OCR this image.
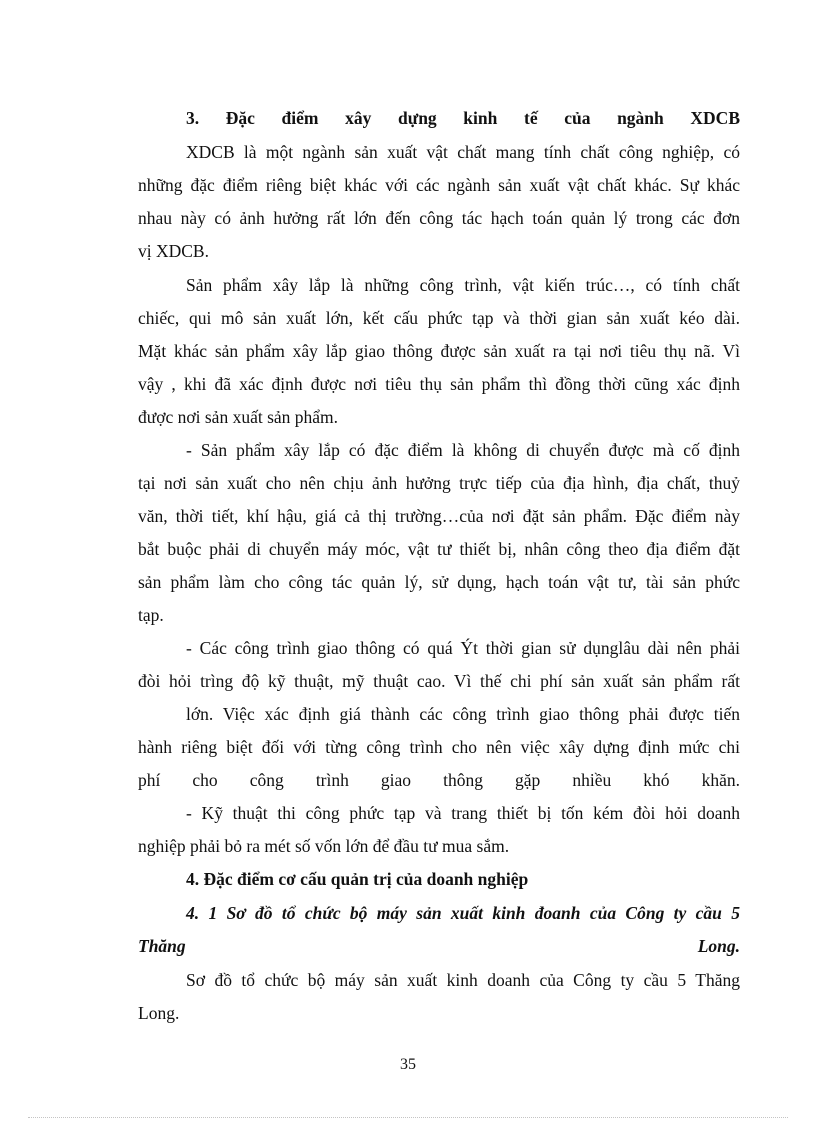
3. Đặc điểm xây dựng kinh tế của ngành XDCB
XDCB là một ngành sản xuất vật chất mang tính chất công nghiệp, có
những đặc điểm riêng biệt khác với các ngành sản xuất vật chất khác. Sự khác
nhau này có ảnh hưởng rất lớn đến công tác hạch toán quản lý trong các đơn
vị XDCB.
Sản phẩm xây lắp là những công trình, vật kiến trúc…, có tính chất
chiếc, qui mô sản xuất lớn, kết cấu phức tạp và thời gian sản xuất kéo dài.
Mặt khác sản phẩm xây lắp giao thông được sản xuất ra tại nơi tiêu thụ nã. Vì
vậy , khi đã xác định được nơi tiêu thụ sản phẩm thì đồng thời cũng xác định
được nơi sản xuất sản phẩm.
- Sản phẩm xây lắp có đặc điểm là không di chuyển được mà cố định
tại nơi sản xuất cho nên chịu ảnh hưởng trực tiếp của địa hình, địa chất, thuỷ
văn, thời tiết, khí hậu, giá cả thị trường…của nơi đặt sản phẩm. Đặc điểm này
bắt buộc phải di chuyển máy móc, vật tư thiết bị, nhân công theo địa điểm đặt
sản phẩm làm cho công tác quản lý, sử dụng, hạch toán vật tư, tài sản phức
tạp.
- Các công trình giao thông có quá Ýt thời gian sử dụnglâu dài nên phải
đòi hỏi trìng độ kỹ thuật, mỹ thuật cao. Vì thế chi phí sản xuất sản phẩm rất
lớn. Việc xác định giá thành các công trình giao thông phải được tiến
hành riêng biệt đối với từng công trình cho nên việc xây dựng định mức chi
phí cho công trình giao thông gặp nhiều khó khăn.
- Kỹ thuật thi công phức tạp và trang thiết bị tốn kém đòi hỏi doanh
nghiệp phải bỏ ra mét số vốn lớn để đầu tư mua sắm.
4. Đặc điểm cơ cấu quản trị của doanh nghiệp
4. 1 Sơ đồ tổ chức bộ máy sản xuất kinh đoanh của Công ty cầu 5
Thăng	Long.
Sơ đồ tổ chức bộ máy sản xuất kinh doanh của Công ty cầu 5 Thăng
Long.
35
